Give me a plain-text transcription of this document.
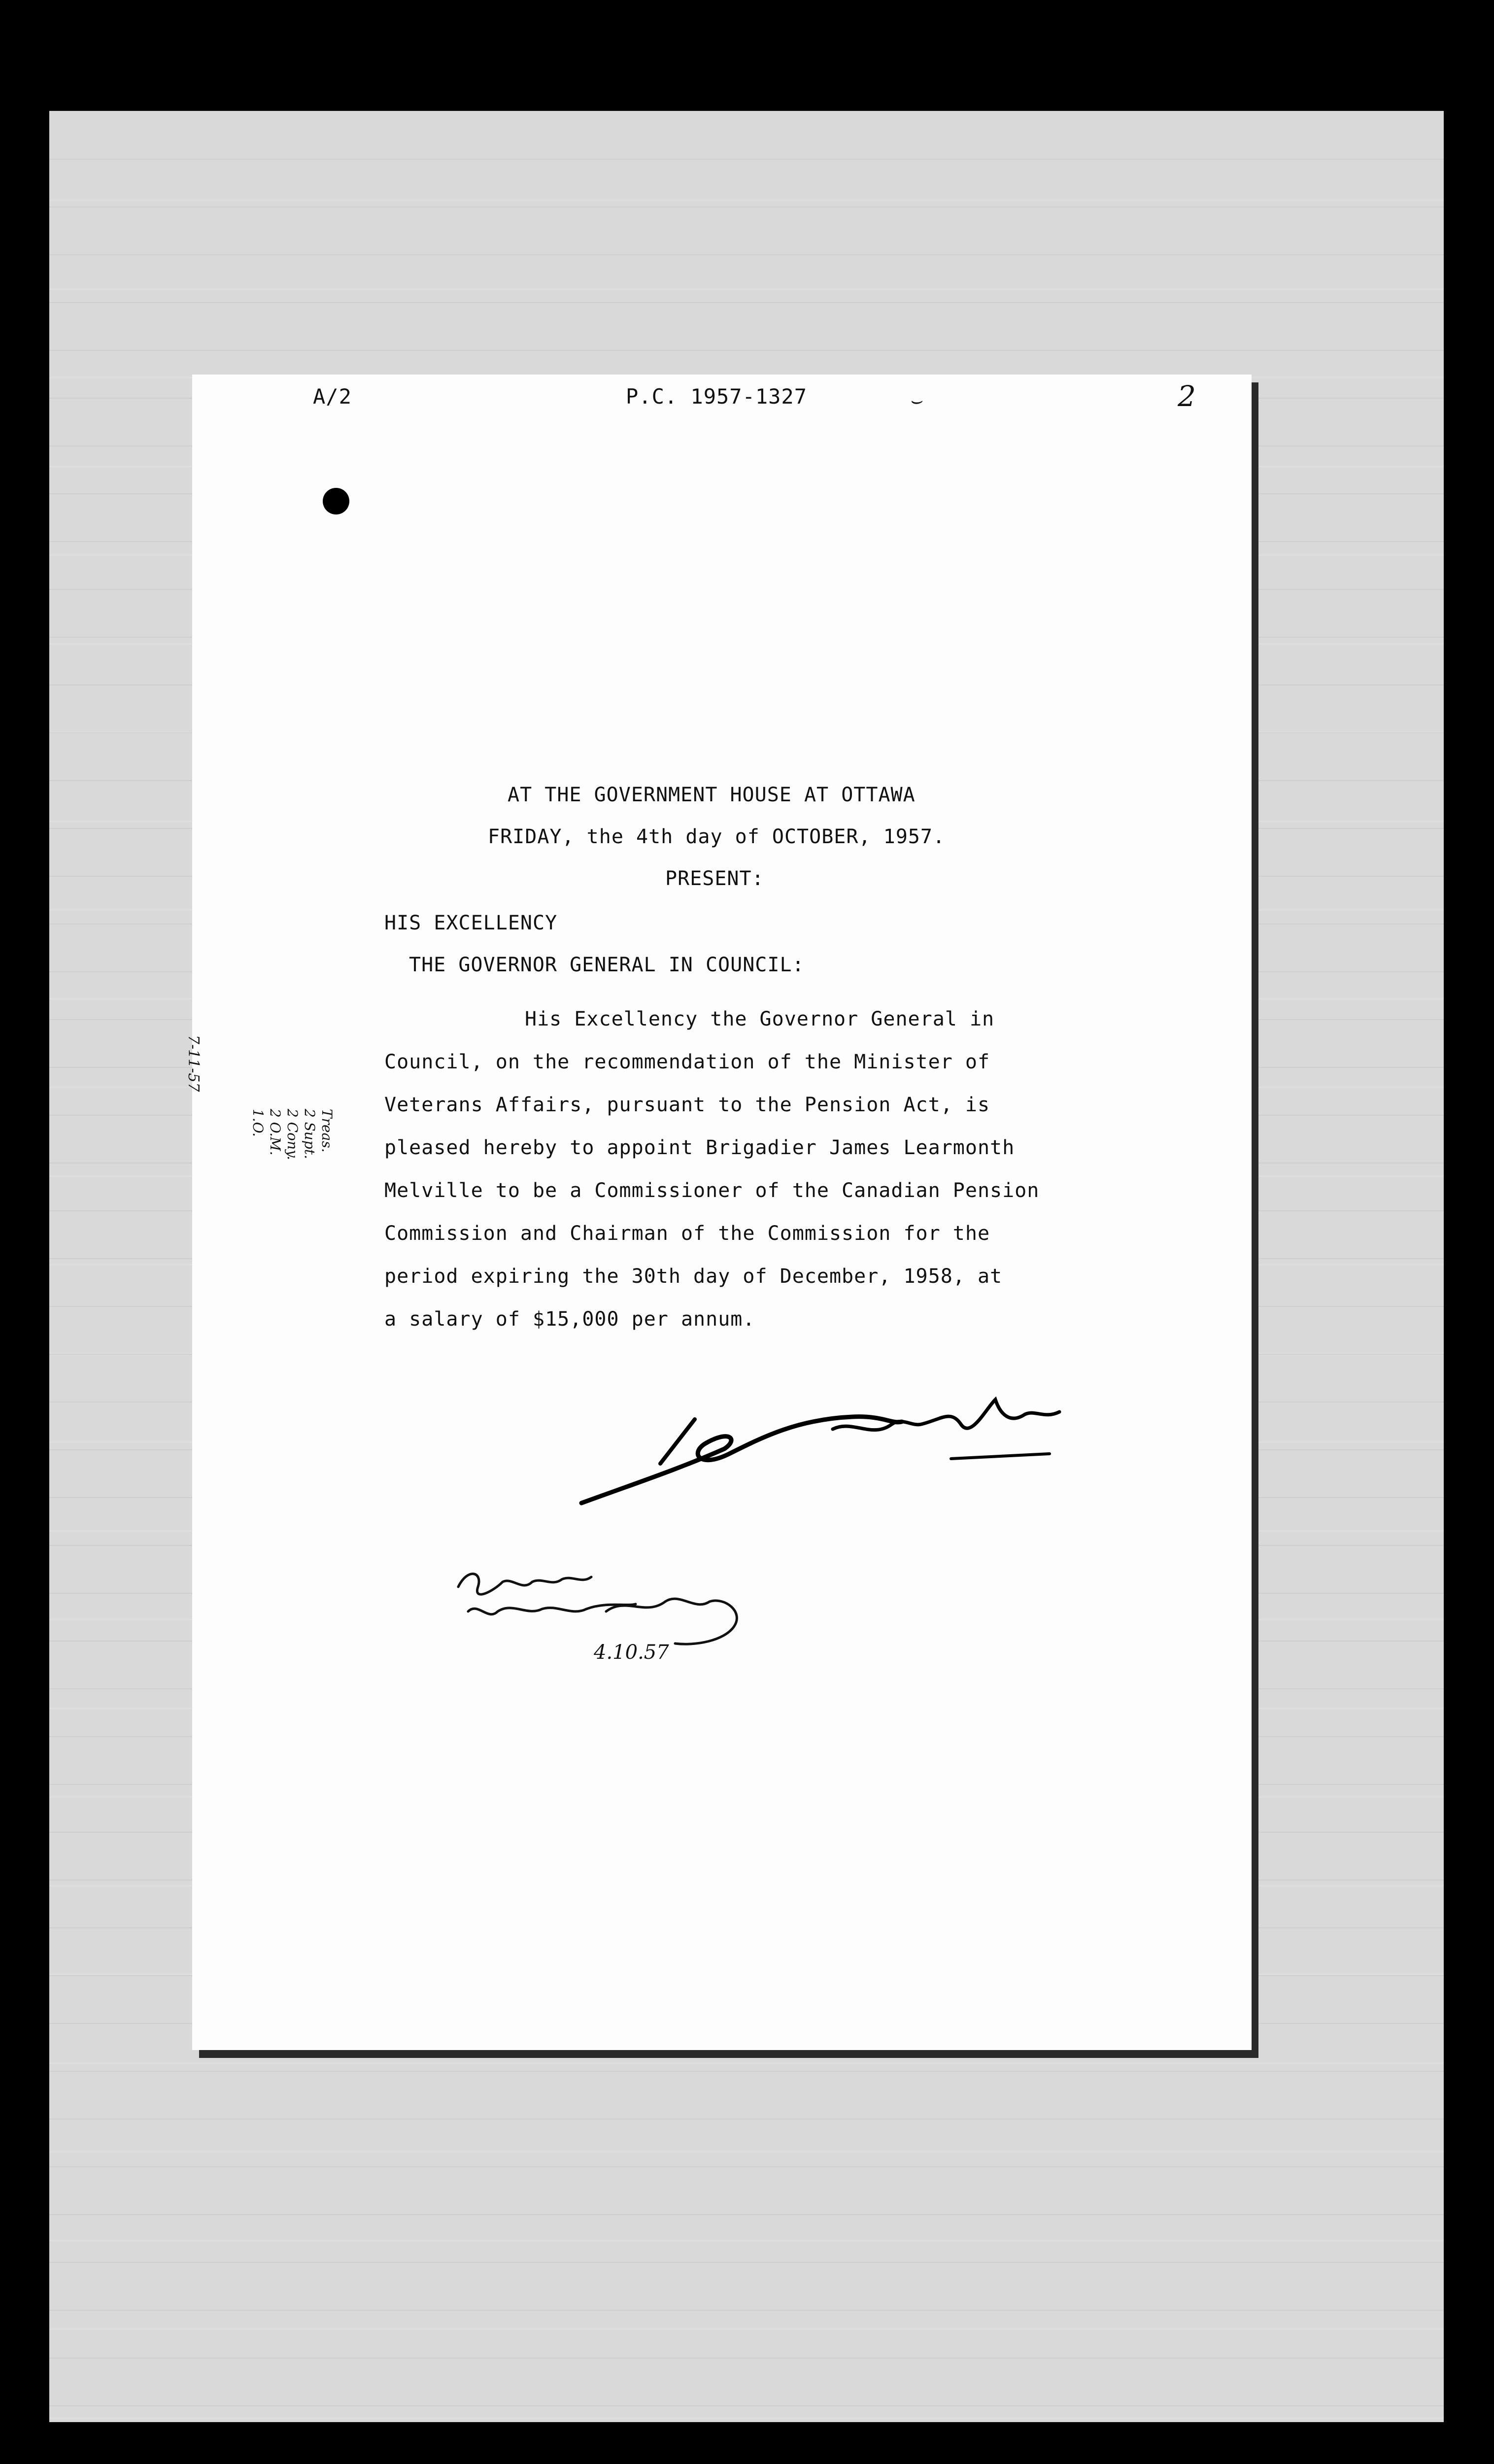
A/2	P.C. 1957-1327	2
⌣
AT THE GOVERNMENT HOUSE AT OTTAWA
FRIDAY, the 4th day of OCTOBER, 1957.
PRESENT:
HIS EXCELLENCY
THE GOVERNOR GENERAL IN COUNCIL:
His Excellency the Governor General in
Council, on the recommendation of the Minister of
Veterans Affairs, pursuant to the Pension Act, is
pleased hereby to appoint Brigadier James Learmonth
Melville to be a Commissioner of the Canadian Pension
Commission and Chairman of the Commission for the
period expiring the 30th day of December, 1958, at
a salary of $15,000 per annum.
4.10.57
7-11-57
1.O. 2 O.M. 2 Cony. 2 Supt. Treas.
